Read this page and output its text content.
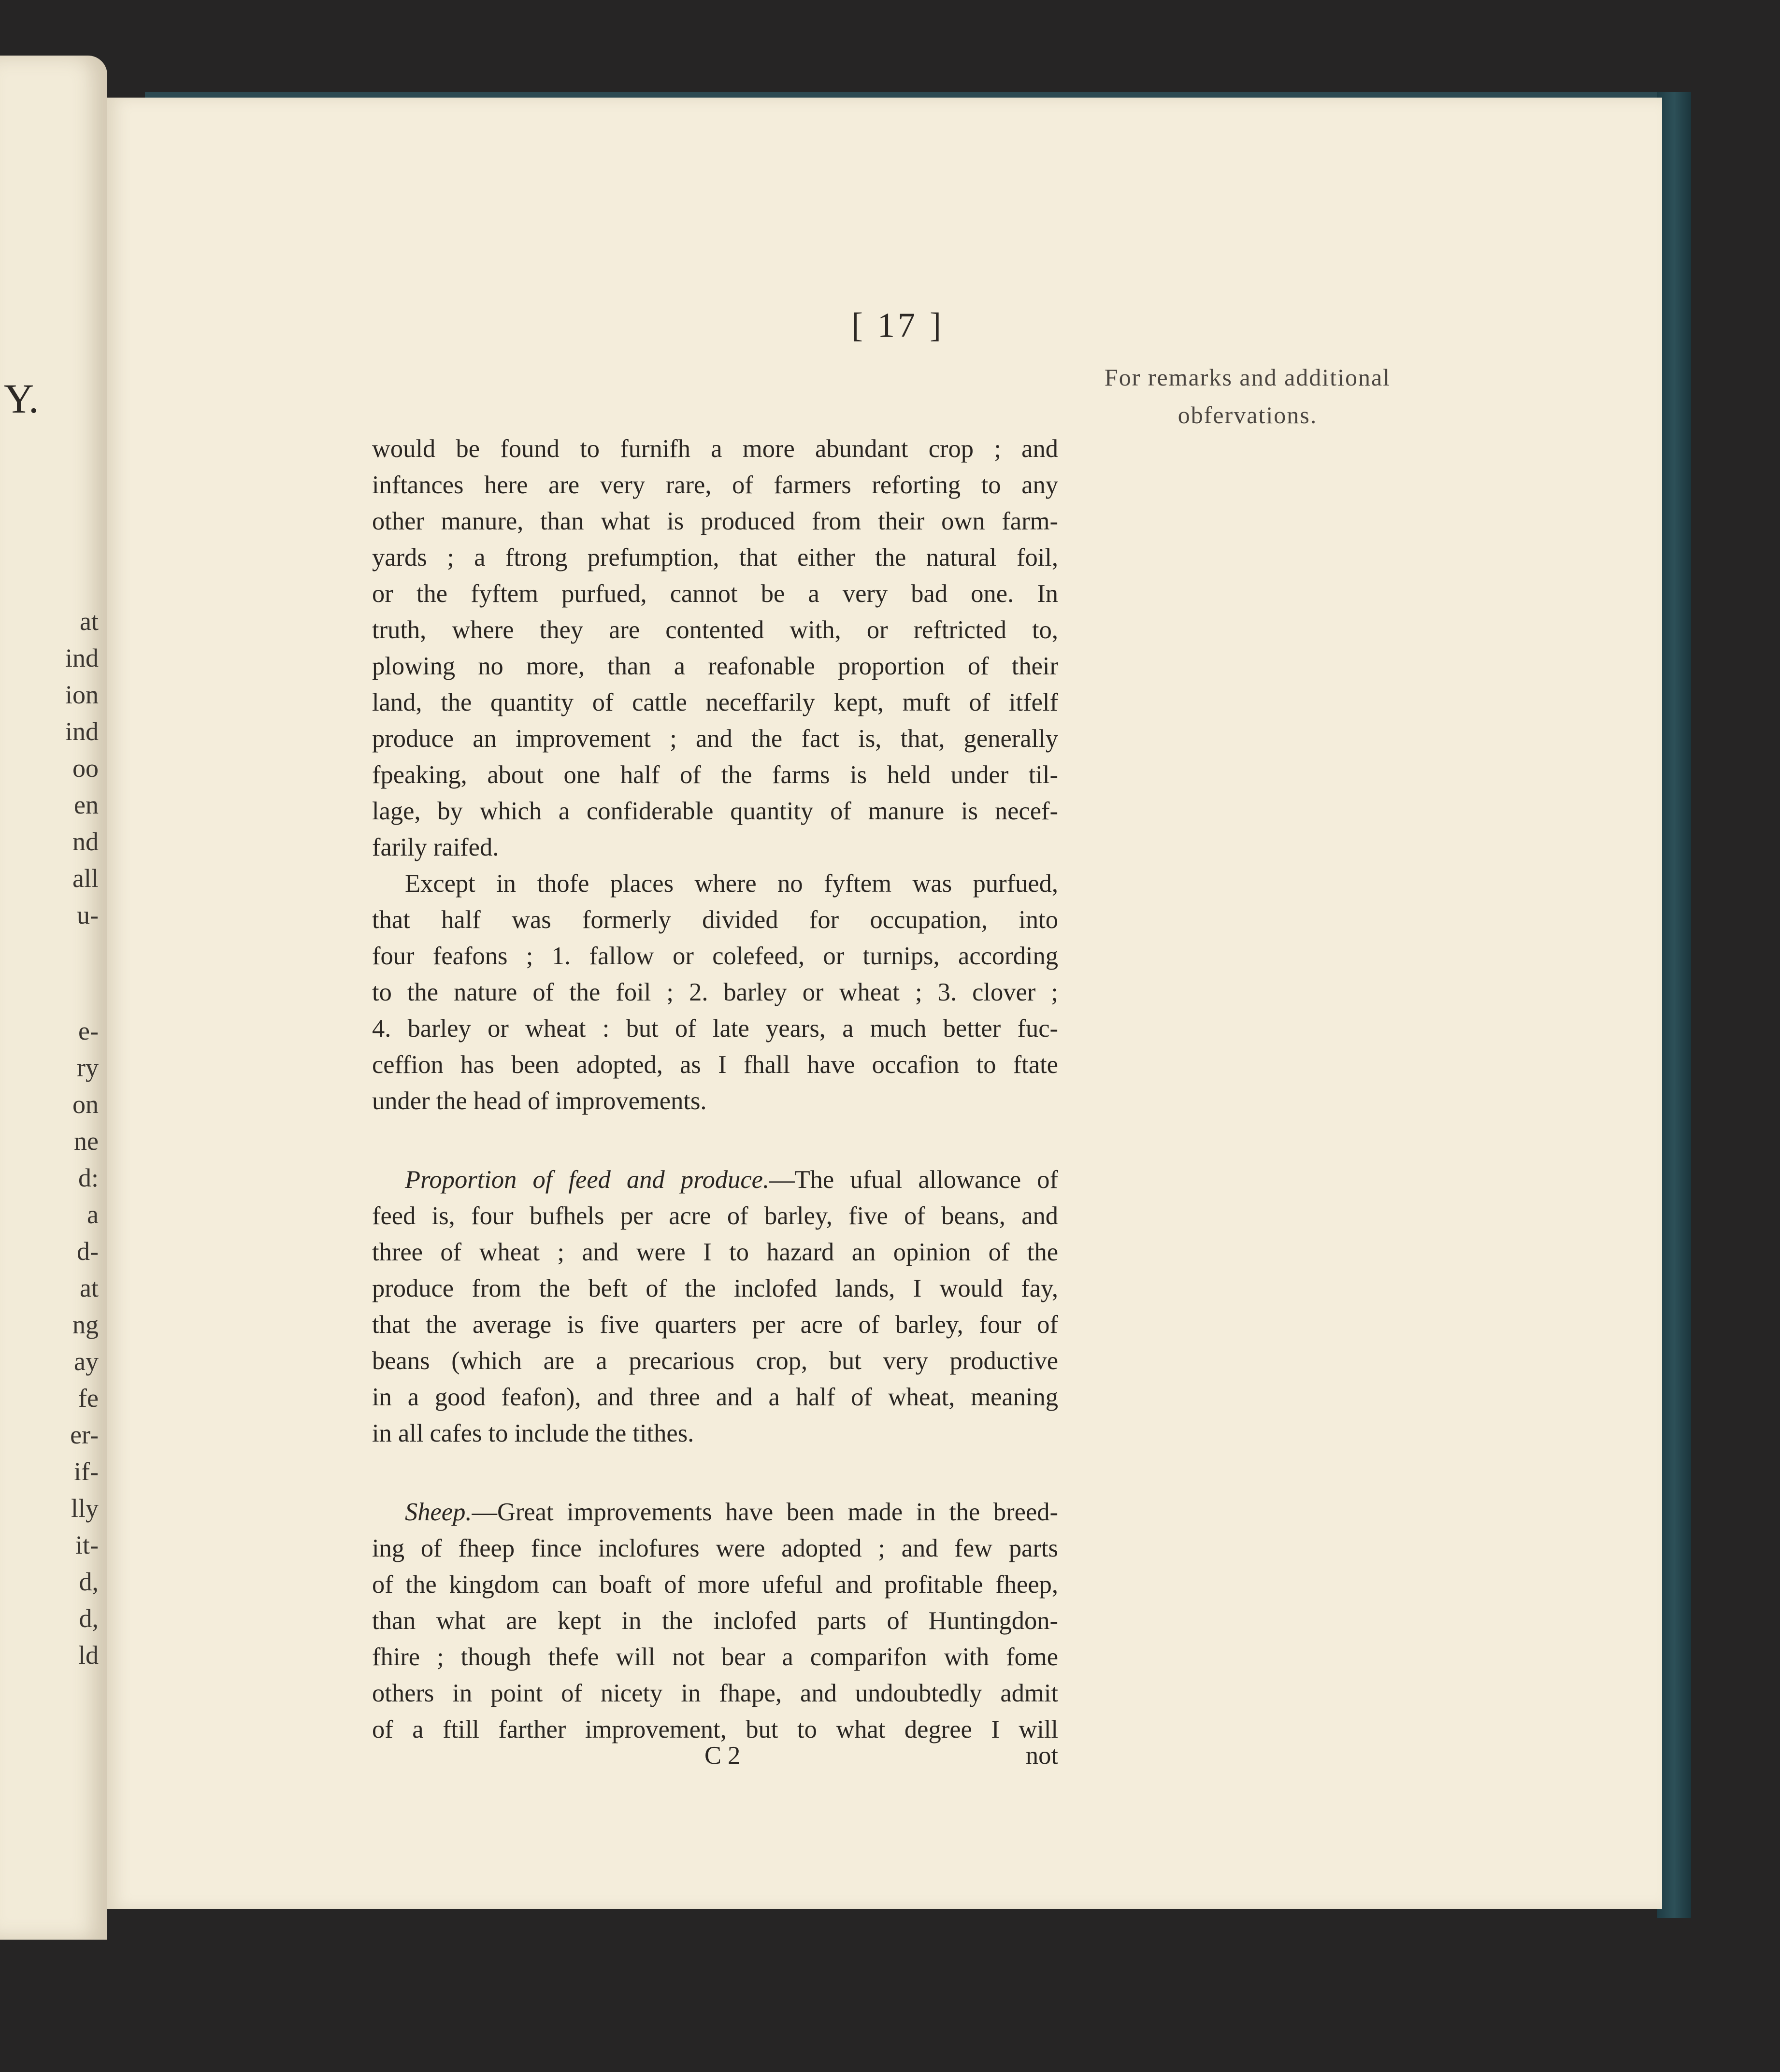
Y.
at
ind
ion
ind
oo
en
nd
all
u-
e-
ry
on
ne
d:
a
d-
at
ng
ay
fe
er-
if-
lly
it-
d,
d,
ld
[ 17 ]
For remarks and additional
obfervations.
would be found to furnifh a more abundant crop ; and
inftances here are very rare, of farmers reforting to any
other manure, than what is produced from their own farm-
yards ; a ftrong prefumption, that either the natural foil,
or the fyftem purfued, cannot be a very bad one. In
truth, where they are contented with, or reftricted to,
plowing no more, than a reafonable proportion of their
land, the quantity of cattle neceffarily kept, muft of itfelf
produce an improvement ; and the fact is, that, generally
fpeaking, about one half of the farms is held under til-
lage, by which a confiderable quantity of manure is necef-
farily raifed.
Except in thofe places where no fyftem was purfued,
that half was formerly divided for occupation, into
four feafons ; 1. fallow or colefeed, or turnips, according
to the nature of the foil ; 2. barley or wheat ; 3. clover ;
4. barley or wheat : but of late years, a much better fuc-
ceffion has been adopted, as I fhall have occafion to ftate
under the head of improvements.
Proportion of feed and produce.—The ufual allowance of
feed is, four bufhels per acre of barley, five of beans, and
three of wheat ; and were I to hazard an opinion of the
produce from the beft of the inclofed lands, I would fay,
that the average is five quarters per acre of barley, four of
beans (which are a precarious crop, but very productive
in a good feafon), and three and a half of wheat, meaning
in all cafes to include the tithes.
Sheep.—Great improvements have been made in the breed-
ing of fheep fince inclofures were adopted ; and few parts
of the kingdom can boaft of more ufeful and profitable fheep,
than what are kept in the inclofed parts of Huntingdon-
fhire ; though thefe will not bear a comparifon with fome
others in point of nicety in fhape, and undoubtedly admit
of a ftill farther improvement, but to what degree I will
C 2	not
